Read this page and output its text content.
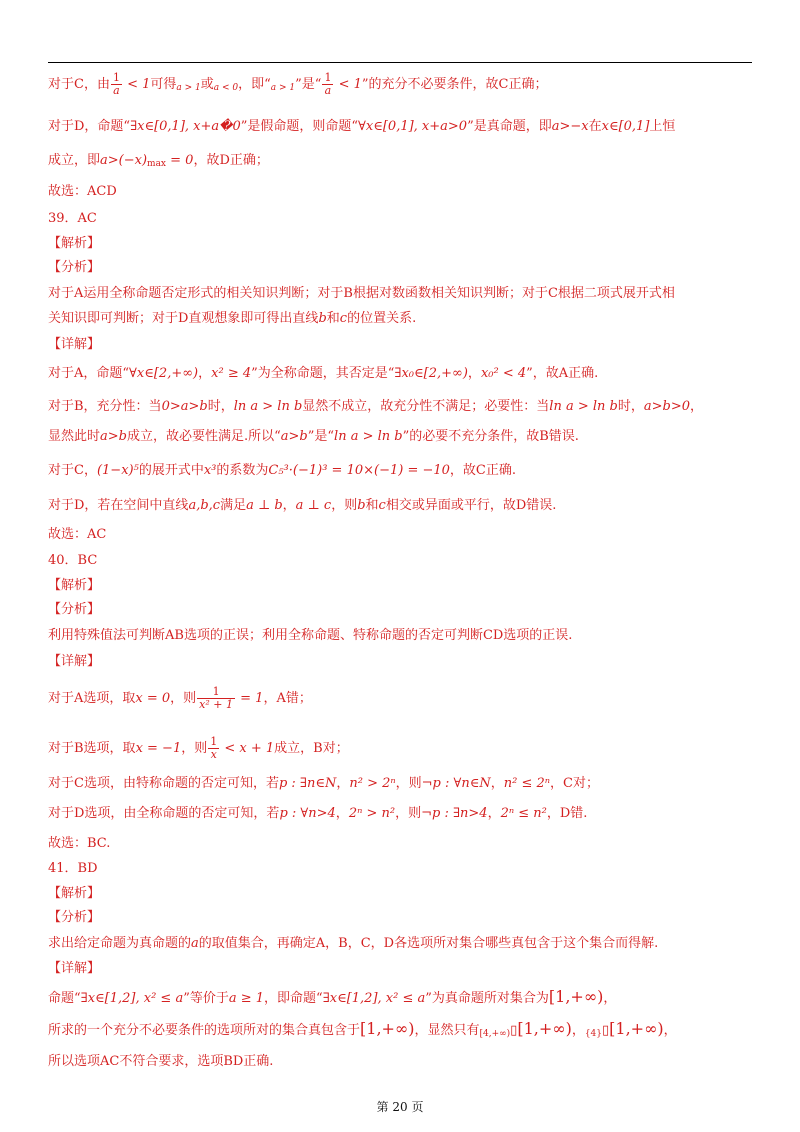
对于C，由 $\frac{1}{a} < 1$可得a > 1或a < 0，即“a > 1”是“ $\frac{1}{a} < 1$”的充分不必要条件，故C正确；
对于D，命题“∃x∈[0,1], x+a�0”是假命题，则命题“∀x∈[0,1], x+a>0”是真命题，即a>−x在x∈[0,1]上恒
成立，即a>(−x)max = 0，故D正确；
故选：ACD
39．AC
【解析】
【分析】
对于A运用全称命题否定形式的相关知识判断；对于B根据对数函数相关知识判断；对于C根据二项式展开式相
关知识即可判断；对于D直观想象即可得出直线b和c的位置关系.
【详解】
对于A，命题“∀x∈[2,+∞)，x² ≥ 4”为全称命题，其否定是“∃x₀∈[2,+∞)，x₀² < 4”，故A正确.
对于B，充分性：当0>a>b时，ln a > ln b显然不成立，故充分性不满足；必要性：当ln a > ln b时，a>b>0，
显然此时a>b成立，故必要性满足.所以“a>b”是“ln a > ln b”的必要不充分条件，故B错误.
对于C，(1−x)⁵的展开式中x³的系数为C₅³·(−1)³ = 10×(−1) = −10，故C正确.
对于D，若在空间中直线a,b,c满足a ⊥ b，a ⊥ c，则b和c相交或异面或平行，故D错误.
故选：AC
40．BC
【解析】
【分析】
利用特殊值法可判断AB选项的正误；利用全称命题、特称命题的否定可判断CD选项的正误.
【详解】
对于A选项，取x = 0，则 $\frac{1}{\text{x² + 1}} = 1$，A错；
对于B选项，取x = −1，则 $\frac{1}{x} < x + 1$成立，B对；
对于C选项，由特称命题的否定可知，若p : ∃n∈N，n² > 2ⁿ，则¬p : ∀n∈N，n² ≤ 2ⁿ，C对；
对于D选项，由全称命题的否定可知，若p : ∀n>4，2ⁿ > n²，则¬p : ∃n>4，2ⁿ ≤ n²，D错.
故选：BC.
41．BD
【解析】
【分析】
求出给定命题为真命题的a的取值集合，再确定A，B，C，D各选项所对集合哪些真包含于这个集合而得解.
【详解】
命题“∃x∈[1,2], x² ≤ a”等价于a ≥ 1，即命题“∃x∈[1,2], x² ≤ a”为真命题所对集合为[1,+∞)，
所求的一个充分不必要条件的选项所对的集合真包含于[1,+∞)，显然只有[4,+∞)▯[1,+∞)，{4}▯[1,+∞)，
所以选项AC不符合要求，选项BD正确.
第 20 页
